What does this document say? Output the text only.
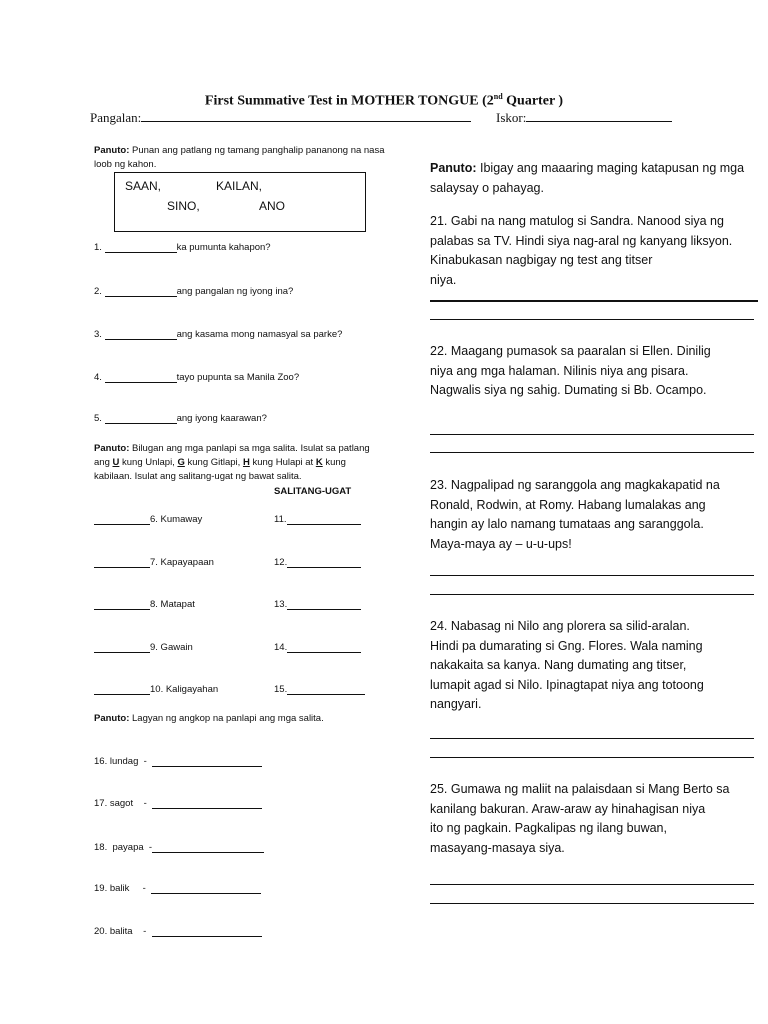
First Summative Test in MOTHER TONGUE (2nd Quarter )
Pangalan:	Iskor:
Panuto: Punan ang patlang ng tamang panghalip pananong na nasa loob ng kahon.
SAAN,	KAILAN,
SINO,	ANO
1.	ka pumunta kahapon?
2.	ang pangalan ng iyong ina?
3.	ang kasama mong namasyal sa parke?
4.	tayo pupunta sa Manila Zoo?
5.	ang iyong kaarawan?
Panuto: Bilugan ang mga panlapi sa mga salita. Isulat sa patlang
ang U kung Unlapi, G kung Gitlapi, H kung Hulapi at K kung
kabilaan. Isulat ang salitang-ugat ng bawat salita.
SALITANG-UGAT
6. Kumaway	11.
7. Kapayapaan	12.
8. Matapat	13.
9. Gawain	14.
10. Kaligayahan	15.
Panuto: Lagyan ng angkop na panlapi ang mga salita.
16. lundag  -
17. sagot    -
18.  payapa  -
19. balik     -
20. balita    -
Panuto: Ibigay ang maaaring maging katapusan ng mga salaysay o pahayag.
21. Gabi na nang matulog si Sandra. Nanood siya ng
palabas sa TV. Hindi siya nag-aral ng kanyang liksyon.
Kinabukasan nagbigay ng test ang titser
niya.
22. Maagang pumasok sa paaralan si Ellen. Dinilig
niya ang mga halaman. Nilinis niya ang pisara.
Nagwalis siya ng sahig. Dumating si Bb. Ocampo.
23. Nagpalipad ng saranggola ang magkakapatid na
Ronald, Rodwin, at Romy. Habang lumalakas ang
hangin ay lalo namang tumataas ang saranggola.
Maya-maya ay – u-u-ups!
24. Nabasag ni Nilo ang plorera sa silid-aralan.
Hindi pa dumarating si Gng. Flores. Wala naming
nakakaita sa kanya. Nang dumating ang titser,
lumapit agad si Nilo. Ipinagtapat niya ang totoong
nangyari.
25. Gumawa ng maliit na palaisdaan si Mang Berto sa
kanilang bakuran. Araw-araw ay hinahagisan niya
ito ng pagkain. Pagkalipas ng ilang buwan,
masayang-masaya siya.
